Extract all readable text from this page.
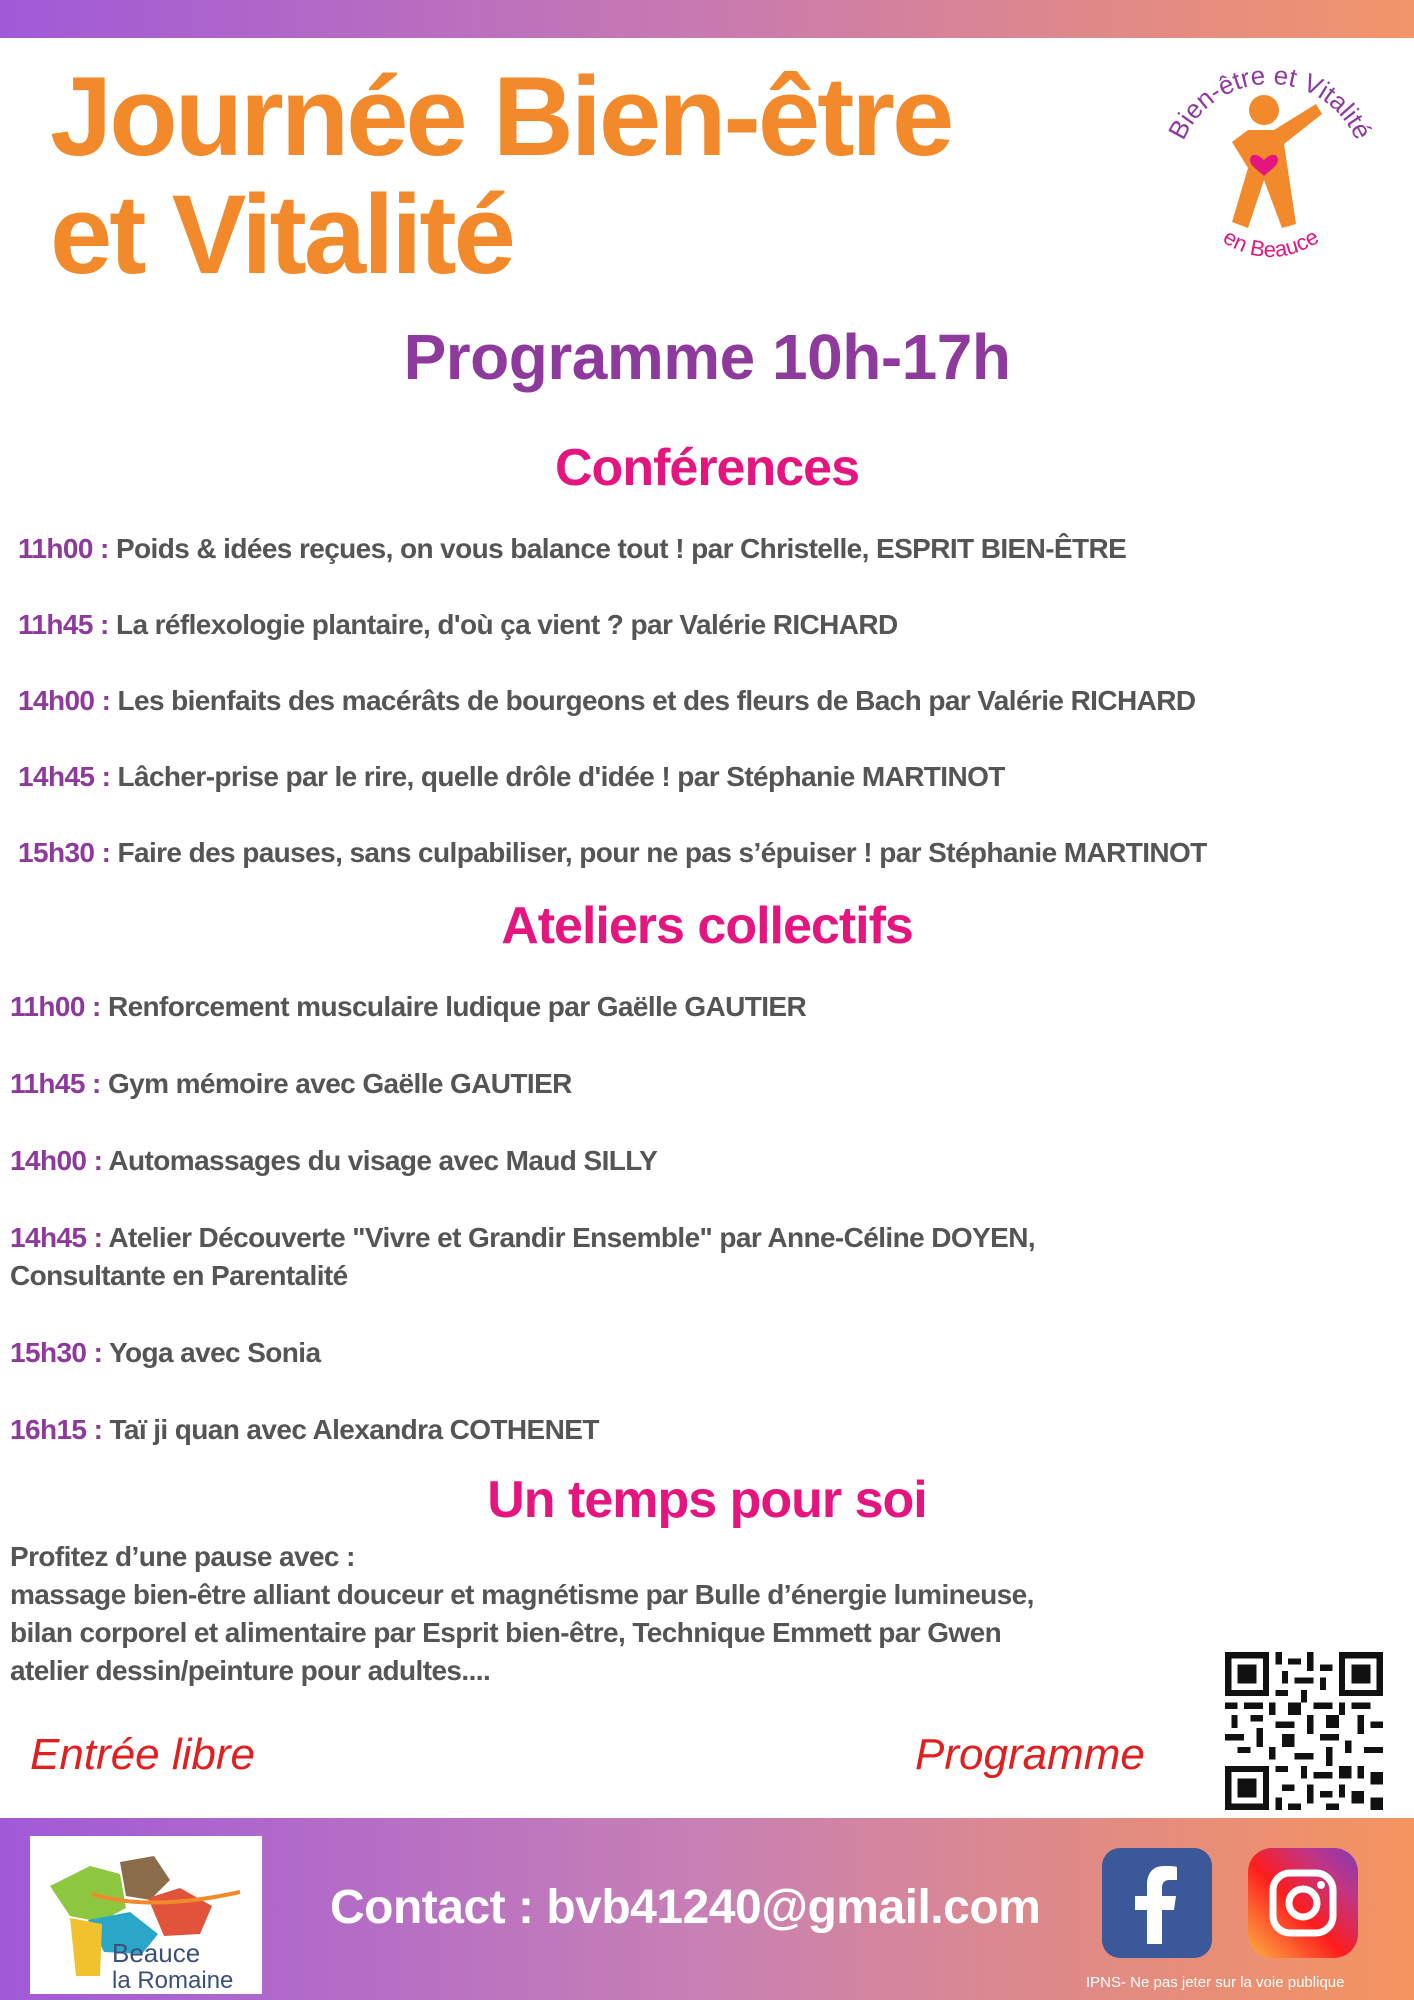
Journée Bien-être
et Vitalité
Bien-être et Vitalité
en Beauce
Programme 10h-17h
Conférences
11h00 : Poids & idées reçues, on vous balance tout ! par Christelle, ESPRIT BIEN-ÊTRE
11h45 : La réflexologie plantaire, d'où ça vient ? par Valérie RICHARD
14h00 : Les bienfaits des macérâts de bourgeons et des fleurs de Bach par Valérie RICHARD
14h45 : Lâcher-prise par le rire, quelle drôle d'idée ! par Stéphanie MARTINOT
15h30 : Faire des pauses, sans culpabiliser, pour ne pas s’épuiser ! par Stéphanie MARTINOT
Ateliers collectifs
11h00 : Renforcement musculaire ludique par Gaëlle GAUTIER
11h45 : Gym mémoire avec Gaëlle GAUTIER
14h00 : Automassages du visage avec Maud SILLY
14h45 : Atelier Découverte "Vivre et Grandir Ensemble" par Anne-Céline DOYEN,
Consultante en Parentalité
15h30 : Yoga avec Sonia
16h15 : Taï ji quan avec Alexandra COTHENET
Un temps pour soi
Profitez d’une pause avec :
massage bien-être alliant douceur et magnétisme par Bulle d’énergie lumineuse,
bilan corporel et alimentaire par Esprit bien-être, Technique Emmett par Gwen
atelier dessin/peinture pour adultes....

Entrée libre	Programme

Beauce
la Romaine

Contact : bvb41240@gmail.com

IPNS- Ne pas jeter sur la voie publique
